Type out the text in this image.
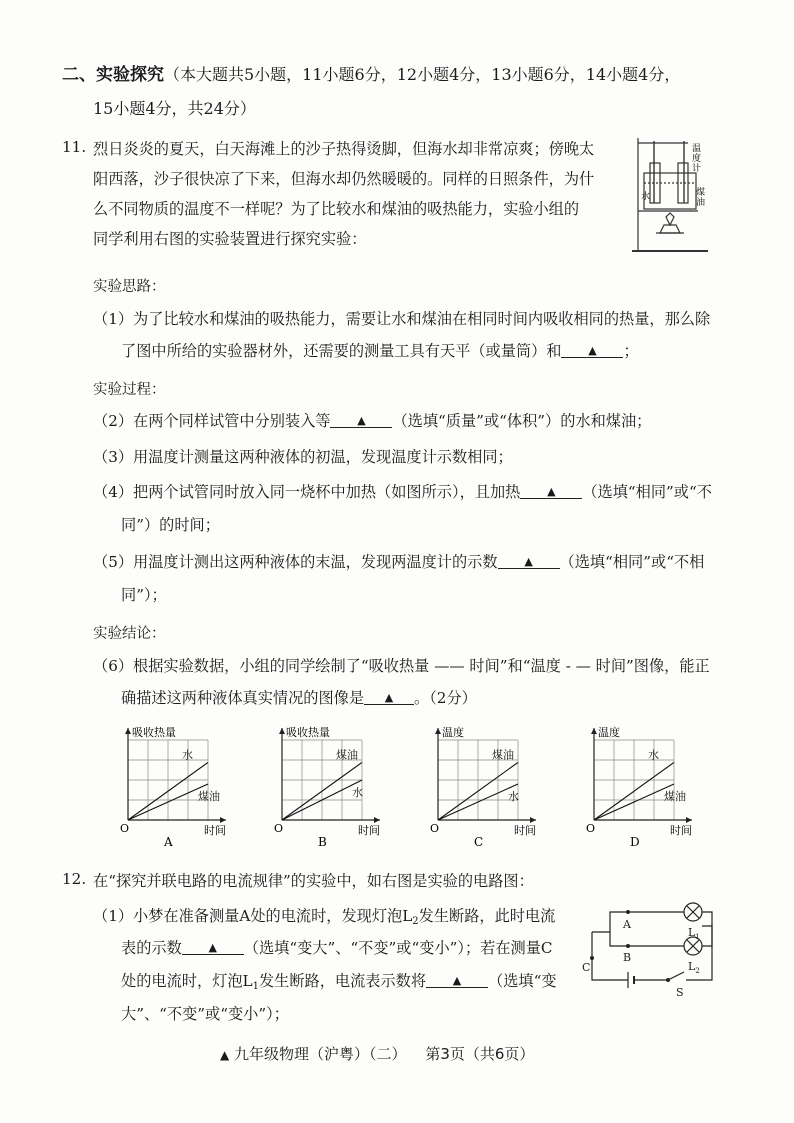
二、实验探究（本大题共5小题，11小题6分，12小题4分，13小题6分，14小题4分，
15小题4分，共24分）
11. 烈日炎炎的夏天，白天海滩上的沙子热得烫脚，但海水却非常凉爽；傍晚太
阳西落，沙子很快凉了下来，但海水却仍然暖暖的。同样的日照条件，为什
么不同物质的温度不一样呢？为了比较水和煤油的吸热能力，实验小组的
同学利用右图的实验装置进行探究实验：
温
度
计
水	煤
油
实验思路：
（1）为了比较水和煤油的吸热能力，需要让水和煤油在相同时间内吸收相同的热量，那么除
了图中所给的实验器材外，还需要的测量工具有天平（或量筒）和 ▲ ；
实验过程：
（2）在两个同样试管中分别装入等 ▲ （选填“质量”或“体积”）的水和煤油；
（3）用温度计测量这两种液体的初温，发现温度计示数相同；
（4）把两个试管同时放入同一烧杯中加热（如图所示），且加热 ▲ （选填“相同”或“不
同”）的时间；
（5）用温度计测出这两种液体的末温，发现两温度计的示数 ▲ （选填“相同”或“不相
同”）；
实验结论：
（6）根据实验数据，小组的同学绘制了“吸收热量 —— 时间”和“温度 - — 时间”图像，能正
确描述这两种液体真实情况的图像是 ▲ 。（2分）
吸收热量
时间
O
A
水
煤油
吸收热量
时间
O
B
煤油
水
温度
时间
O
C
煤油
水
温度
时间
O
D
水
煤油
12. 在“探究并联电路的电流规律”的实验中，如右图是实验的电路图：
（1）小梦在准备测量A处的电流时，发现灯泡$L_2$发生断路，此时电流
表的示数 ▲ （选填“变大”、“不变”或“变小”）；若在测量C
处的电流时，灯泡$L_1$发生断路，电流表示数将 ▲ （选填“变
大”、“不变”或“变小”）；
A
B
C
$L_1$
$L_2$
S
▲ 九年级物理（沪粤）（二） 第3页（共6页）
